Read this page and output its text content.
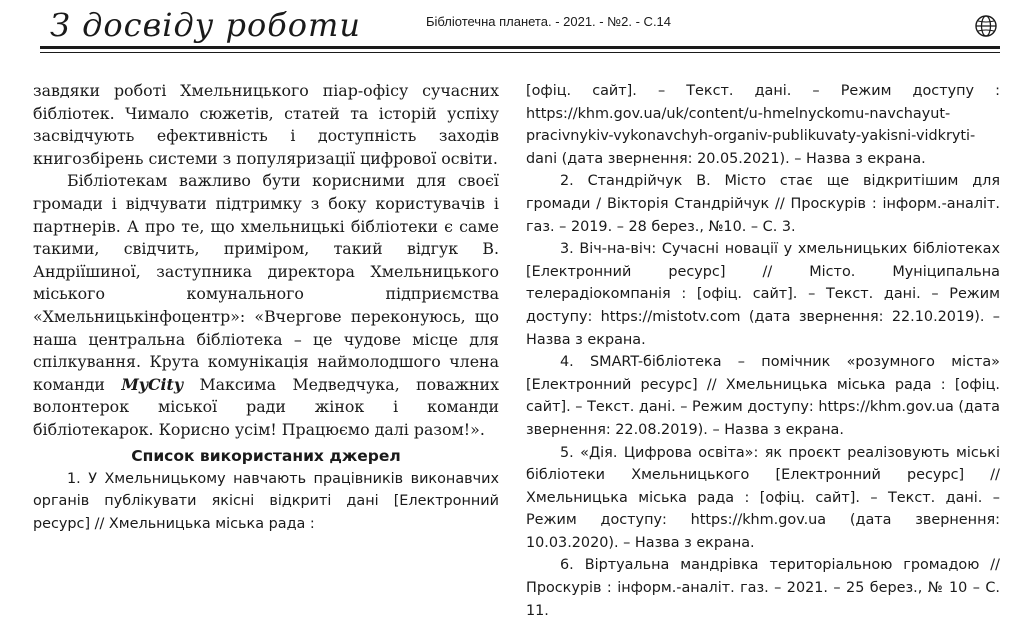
З досвіду роботи	Бібліотечна планета. - 2021. - №2. - С.14

завдяки роботі Хмельницького піар-офісу сучасних бібліотек. Чимало сюжетів, статей та історій успіху засвідчують ефективність і доступність заходів книгозбірень системи з популяризації цифрової освіти.

Бібліотекам важливо бути корисними для своєї громади і відчувати підтримку з боку користувачів і партнерів. А про те, що хмельницькі бібліотеки є саме такими, свідчить, приміром, такий відгук В. Андріїшиної, заступника директора Хмельницького міського комунального підприємства «Хмельницькінфоцентр»: «Вчергове переконуюсь, що наша центральна бібліотека – це чудове місце для спілкування. Крута комунікація наймолодшого члена команди MyCity Максима Медведчука, поважних волонтерок міської ради жінок і команди бібліотекарок. Корисно усім! Працюємо далі разом!».

Список використаних джерел

1. У Хмельницькому навчають працівників виконавчих органів публікувати якісні відкриті дані [Електронний ресурс] // Хмельницька міська рада :

[офіц. сайт]. – Текст. дані. – Режим доступу : https://khm.gov.ua/uk/content/u-hmelnyckomu-navchayut-pracivnykiv-vykonavchyh-organiv-publikuvaty-yakisni-vidkryti-dani (дата звернення: 20.05.2021). – Назва з екрана.

2. Стандрійчук В. Місто стає ще відкритішим для громади / Вікторія Стандрійчук // Проскурів : інформ.-аналіт. газ. – 2019. – 28 берез., №10. – С. 3.

3. Віч-на-віч: Сучасні новації у хмельницьких бібліотеках [Електронний ресурс] // Місто. Муніципальна телерадіокомпанія : [офіц. сайт]. – Текст. дані. – Режим доступу: https://mistotv.com (дата звернення: 22.10.2019). – Назва з екрана.

4. SMART-бібліотека – помічник «розумного міста» [Електронний ресурс] // Хмельницька міська рада : [офіц. сайт]. – Текст. дані. – Режим доступу: https://khm.gov.ua (дата звернення: 22.08.2019). – Назва з екрана.

5. «Дія. Цифрова освіта»: як проєкт реалізовують міські бібліотеки Хмельницького [Електронний ресурс] // Хмельницька міська рада : [офіц. сайт]. – Текст. дані. – Режим доступу: https://khm.gov.ua (дата звернення: 10.03.2020). – Назва з екрана.

6. Віртуальна мандрівка територіальною громадою // Проскурів : інформ.-аналіт. газ. – 2021. – 25 берез., № 10 – С. 11.
